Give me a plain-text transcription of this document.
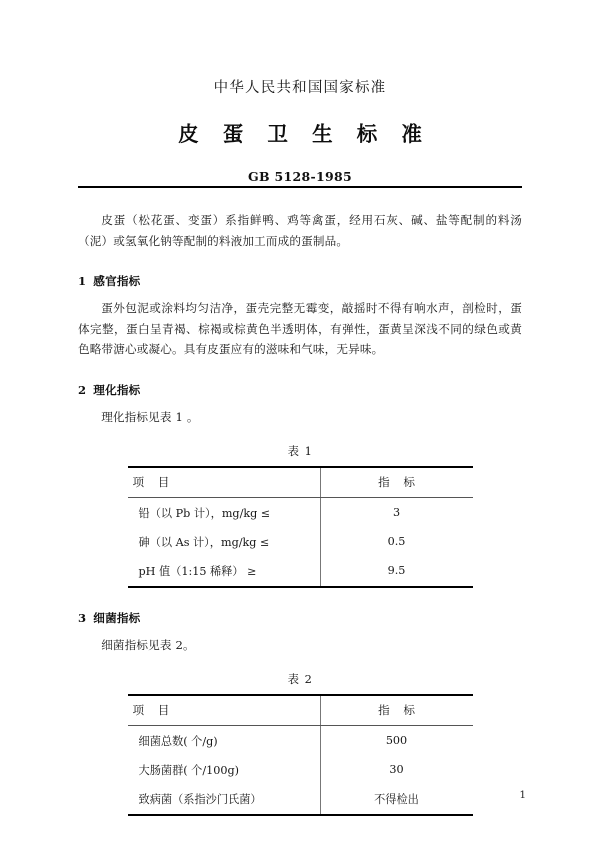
中华人民共和国国家标准
皮 蛋 卫 生 标 准
GB 5128-1985

皮蛋（松花蛋、变蛋）系指鲜鸭、鸡等禽蛋，经用石灰、碱、盐等配制的料汤（泥）或氢氧化钠等配制的料液加工而成的蛋制品。

1 感官指标

蛋外包泥或涂料均匀洁净，蛋壳完整无霉变，敲摇时不得有响水声，剖检时，蛋体完整，蛋白呈青褐、棕褐或棕黄色半透明体，有弹性，蛋黄呈深浅不同的绿色或黄色略带溏心或凝心。具有皮蛋应有的滋味和气味，无异味。

2 理化指标

理化指标见表 1 。

表 1
项 目	指 标
铅（以 Pb 计），mg/kg ≤	3
砷（以 As 计），mg/kg ≤	0.5
pH 值（1:15 稀释） ≥	9.5
3 细菌指标

细菌指标见表 2。

表 2
项 目	指 标
细菌总数( 个/g)	500
大肠菌群( 个/100g)	30
致病菌（系指沙门氏菌）	不得检出	1
